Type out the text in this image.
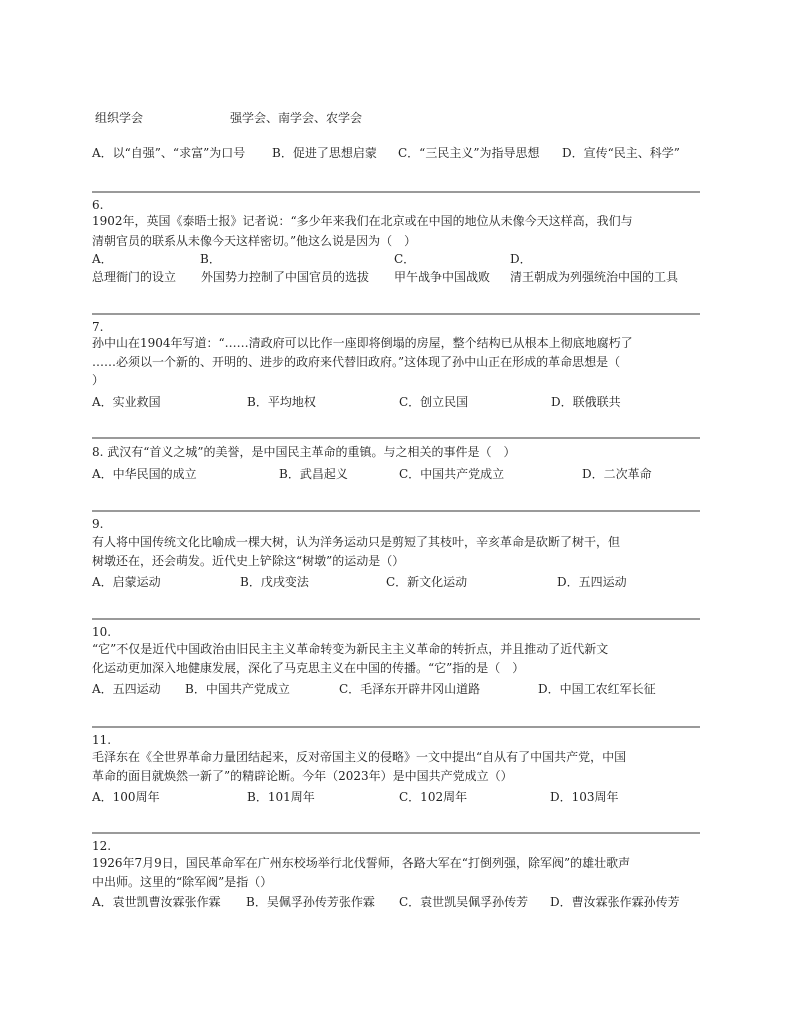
组织学会	强学会、南学会、农学会
A．以“自强”、“求富”为口号 B．促进了思想启蒙 C．“三民主义”为指导思想 D．宣传“民主、科学”
6.
1902年，英国《泰晤士报》记者说：“多少年来我们在北京或在中国的地位从未像今天这样高，我们与
清朝官员的联系从未像今天这样密切。”他这么说是因为（　）
A．	B．	C．	D．
总理衙门的设立 外国势力控制了中国官员的选拔 甲午战争中国战败 清王朝成为列强统治中国的工具
7.
孙中山在1904年写道：“……清政府可以比作一座即将倒塌的房屋，整个结构已从根本上彻底地腐朽了
……必须以一个新的、开明的、进步的政府来代替旧政府。”这体现了孙中山正在形成的革命思想是（
）
A．实业救国	B．平均地权	C．创立民国	D．联俄联共
8. 武汉有“首义之城”的美誉，是中国民主革命的重镇。与之相关的事件是（　）
A．中华民国的成立	B．武昌起义	C．中国共产党成立	D．二次革命
9.
有人将中国传统文化比喻成一棵大树，认为洋务运动只是剪短了其枝叶，辛亥革命是砍断了树干，但
树墩还在，还会萌发。近代史上铲除这“树墩”的运动是（）
A．启蒙运动	B．戊戌变法	C．新文化运动	D．五四运动
10.
“它”不仅是近代中国政治由旧民主主义革命转变为新民主主义革命的转折点，并且推动了近代新文
化运动更加深入地健康发展，深化了马克思主义在中国的传播。“它”指的是（　）
A．五四运动 B．中国共产党成立	C．毛泽东开辟井冈山道路	D．中国工农红军长征
11.
毛泽东在《全世界革命力量团结起来，反对帝国主义的侵略》一文中提出“自从有了中国共产党，中国
革命的面目就焕然一新了”的精辟论断。今年（2023年）是中国共产党成立（）
A．100周年	B．101周年	C．102周年	D．103周年
12.
1926年7月9日，国民革命军在广州东校场举行北伐誓师，各路大军在“打倒列强，除军阀”的雄壮歌声
中出师。这里的“除军阀”是指（）
A．袁世凯曹汝霖张作霖 B．吴佩孚孙传芳张作霖 C．袁世凯吴佩孚孙传芳 D．曹汝霖张作霖孙传芳
